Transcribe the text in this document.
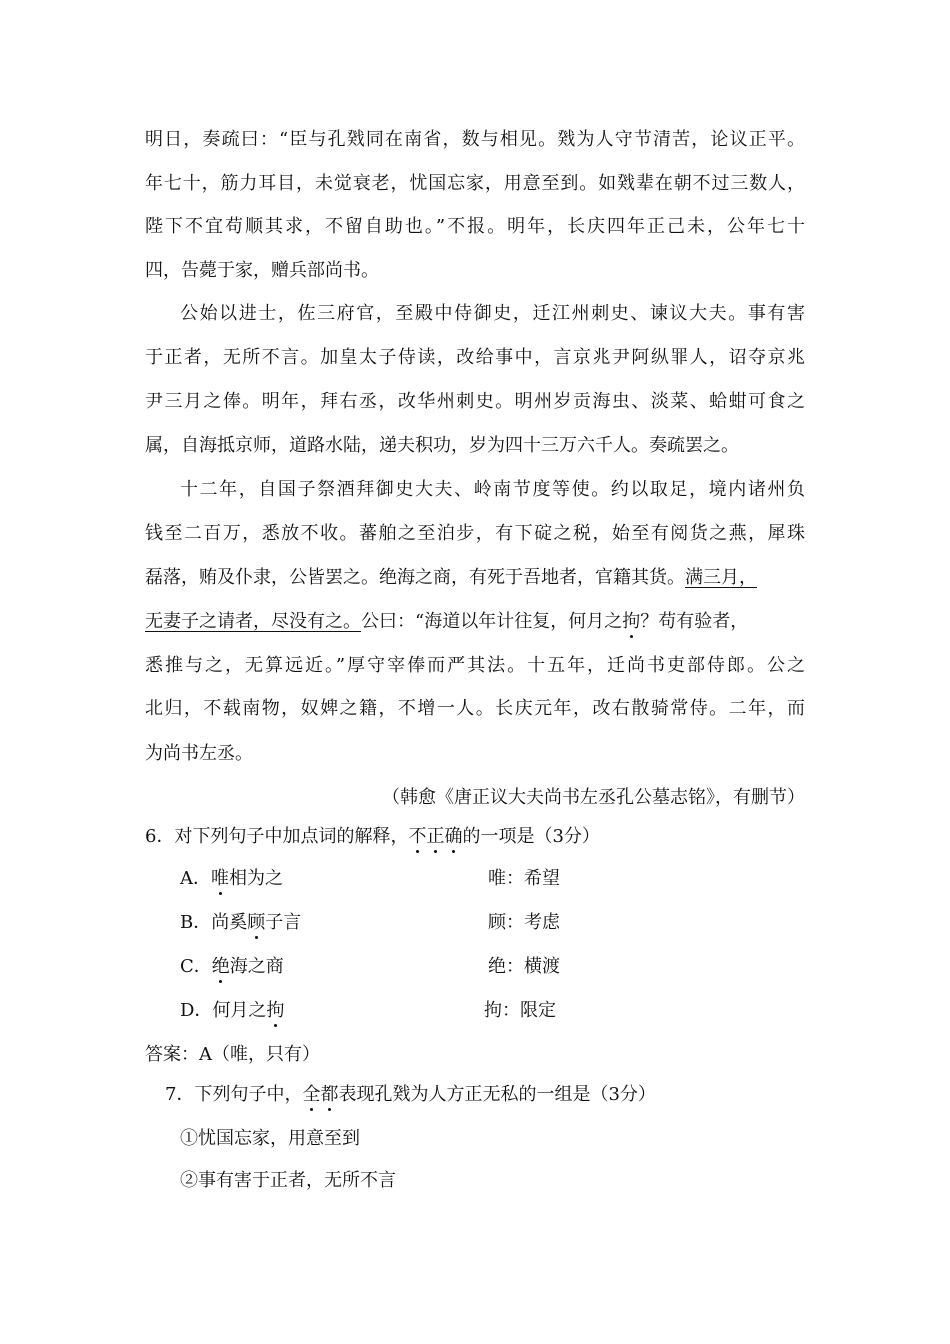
明日，奏疏曰：“臣与孔戣同在南省，数与相见。戣为人守节清苦，论议正平。
年七十，筋力耳目，未觉衰老，忧国忘家，用意至到。如戣辈在朝不过三数人，
陛下不宜苟顺其求，不留自助也。”不报。明年，长庆四年正己未，公年七十
四，告薨于家，赠兵部尚书。
公始以进士，佐三府官，至殿中侍御史，迁江州刺史、谏议大夫。事有害
于正者，无所不言。加皇太子侍读，改给事中，言京兆尹阿纵罪人，诏夺京兆
尹三月之俸。明年，拜右丞，改华州刺史。明州岁贡海虫、淡菜、蛤蚶可食之
属，自海抵京师，道路水陆，递夫积功，岁为四十三万六千人。奏疏罢之。
十二年，自国子祭酒拜御史大夫、岭南节度等使。约以取足，境内诸州负
钱至二百万，悉放不收。蕃舶之至泊步，有下碇之税，始至有阅货之燕，犀珠
磊落，贿及仆隶，公皆罢之。绝海之商，有死于吾地者，官籍其货。满三月，
无妻子之请者，尽没有之。公曰：“海道以年计往复，何月之拘？苟有验者，
悉推与之，无算远近。”厚守宰俸而严其法。十五年，迁尚书吏部侍郎。公之
北归，不载南物，奴婢之籍，不增一人。长庆元年，改右散骑常侍。二年，而
为尚书左丞。
（韩愈《唐正议大夫尚书左丞孔公墓志铭》，有删节）
6．对下列句子中加点词的解释，不正确的一项是（3分）
A．唯相为之	唯：希望
B．尚奚顾子言	顾：考虑
C．绝海之商	绝：横渡
D．何月之拘	拘：限定
答案：A（唯，只有）
7．下列句子中，全都表现孔戣为人方正无私的一组是（3分）
①忧国忘家，用意至到
②事有害于正者，无所不言
